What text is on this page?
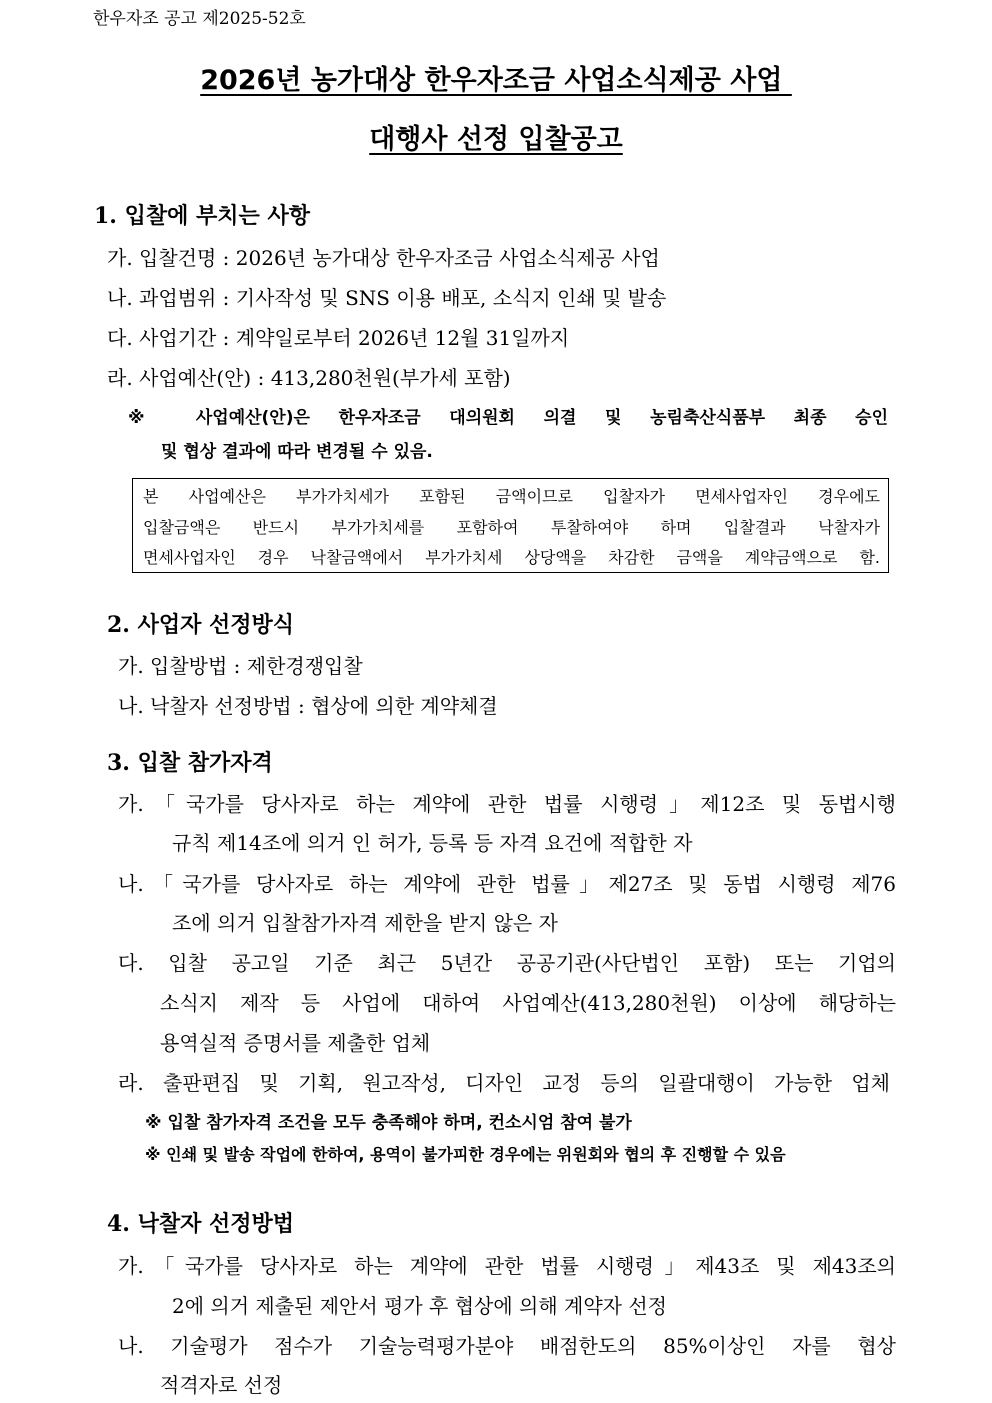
한우자조 공고 제2025-52호
2026년 농가대상 한우자조금 사업소식제공 사업
대행사 선정 입찰공고
1. 입찰에 부치는 사항
가. 입찰건명 : 2026년 농가대상 한우자조금 사업소식제공 사업
나. 과업범위 : 기사작성 및 SNS 이용 배포, 소식지 인쇄 및 발송
다. 사업기간 : 계약일로부터 2026년 12월 31일까지
라. 사업예산(안) : 413,280천원(부가세 포함)
※ 사업예산(안)은 한우자조금 대의원회 의결 및 농림축산식품부 최종 승인
및 협상 결과에 따라 변경될 수 있음.
본 사업예산은 부가가치세가 포함된 금액이므로 입찰자가 면세사업자인 경우에도
입찰금액은 반드시 부가가치세를 포함하여 투찰하여야 하며 입찰결과 낙찰자가
면세사업자인 경우 낙찰금액에서 부가가치세 상당액을 차감한 금액을 계약금액으로 함.
2. 사업자 선정방식
가. 입찰방법 : 제한경쟁입찰
나. 낙찰자 선정방법 : 협상에 의한 계약체결
3. 입찰 참가자격
가.「국가를 당사자로 하는 계약에 관한 법률 시행령」제12조 및 동법시행
규칙 제14조에 의거 인 허가, 등록 등 자격 요건에 적합한 자
나.「국가를 당사자로 하는 계약에 관한 법률」제27조 및 동법 시행령 제76
조에 의거 입찰참가자격 제한을 받지 않은 자
다. 입찰 공고일 기준 최근 5년간 공공기관(사단법인 포함) 또는 기업의
소식지 제작 등 사업에 대하여 사업예산(413,280천원) 이상에 해당하는
용역실적 증명서를 제출한 업체
라. 출판편집 및 기획, 원고작성, 디자인 교정 등의 일괄대행이 가능한 업체
※ 입찰 참가자격 조건을 모두 충족해야 하며, 컨소시엄 참여 불가
※ 인쇄 및 발송 작업에 한하여, 용역이 불가피한 경우에는 위원회와 협의 후 진행할 수 있음
4. 낙찰자 선정방법
가.「국가를 당사자로 하는 계약에 관한 법률 시행령」제43조 및 제43조의
2에 의거 제출된 제안서 평가 후 협상에 의해 계약자 선정
나. 기술평가 점수가 기술능력평가분야 배점한도의 85%이상인 자를 협상
적격자로 선정
